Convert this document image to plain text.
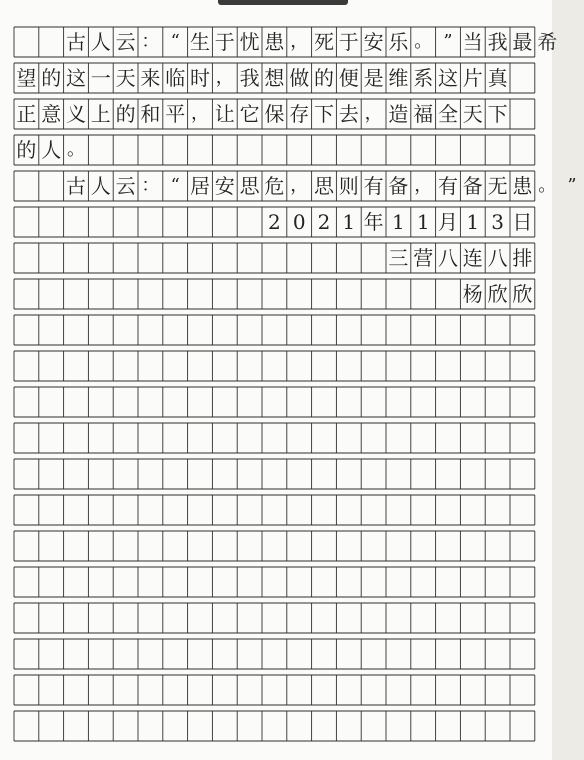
古 人 云 ： “ 生 于 忧 患 ， 死 于 安 乐 。 ” 当 我 最 希
望 的 这 一 天 来 临 时 ， 我 想 做 的 便 是 维 系 这 片 真
正 意 义 上 的 和 平 ， 让 它 保 存 下 去 ， 造 福 全 天 下
的 人 。
古 人 云 ： “ 居 安 思 危 ， 思 则 有 备 ， 有 备 无 患 。 ”
2 0 2 1 年 1 1 月 1 3 日
三 营 八 连 八 排
杨 欣 欣
